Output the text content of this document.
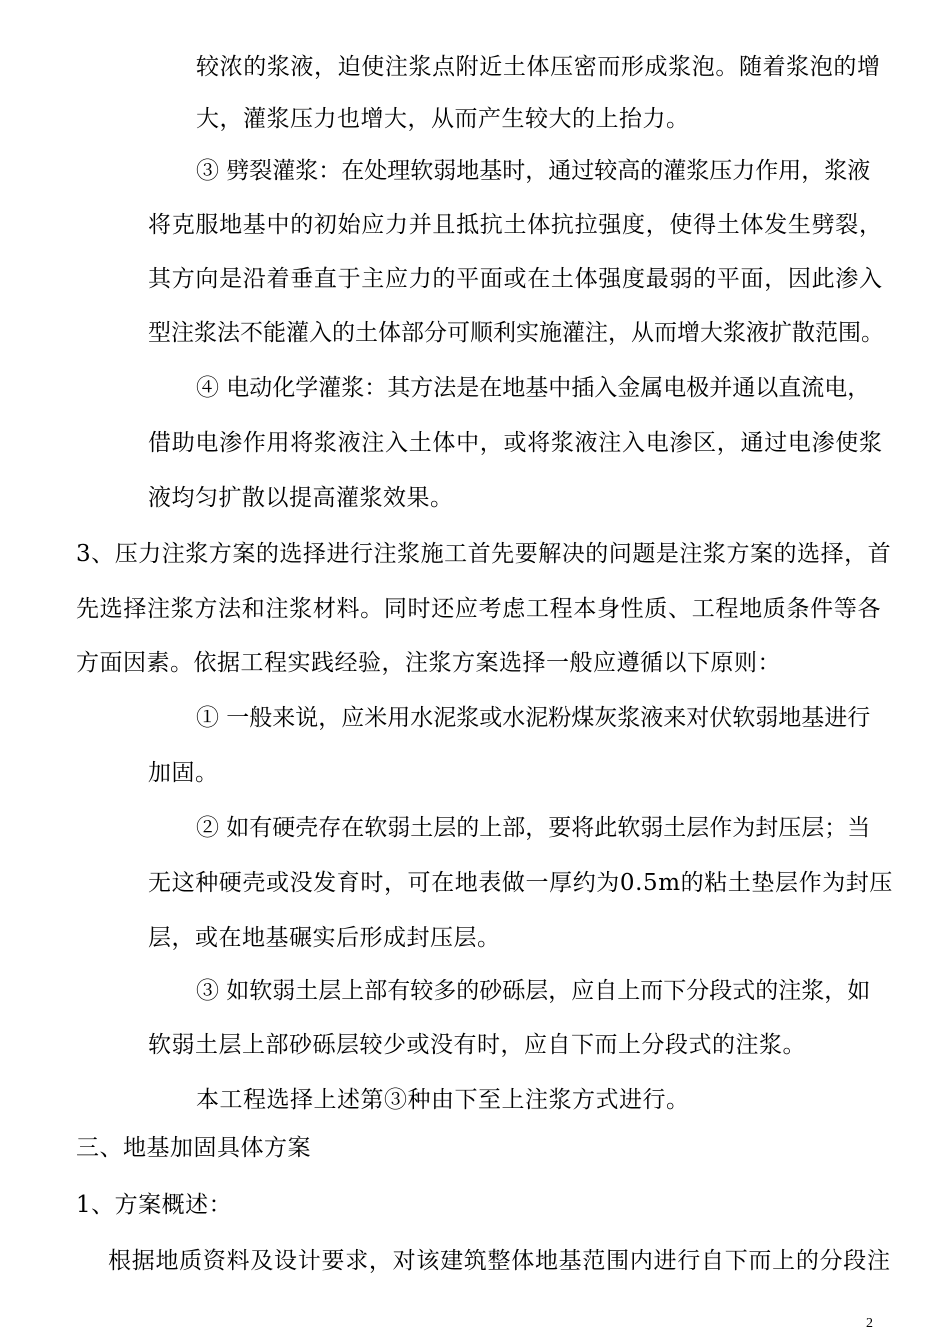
较浓的浆液，迫使注浆点附近土体压密而形成浆泡。随着浆泡的增
大，灌浆压力也增大，从而产生较大的上抬力。
③ 劈裂灌浆：在处理软弱地基时，通过较高的灌浆压力作用，浆液
将克服地基中的初始应力并且抵抗土体抗拉强度，使得土体发生劈裂，
其方向是沿着垂直于主应力的平面或在土体强度最弱的平面，因此渗入
型注浆法不能灌入的土体部分可顺利实施灌注，从而增大浆液扩散范围。
④ 电动化学灌浆：其方法是在地基中插入金属电极并通以直流电，
借助电渗作用将浆液注入土体中，或将浆液注入电渗区，通过电渗使浆
液均匀扩散以提高灌浆效果。
3、压力注浆方案的选择进行注浆施工首先要解决的问题是注浆方案的选择，首
先选择注浆方法和注浆材料。同时还应考虑工程本身性质、工程地质条件等各
方面因素。依据工程实践经验，注浆方案选择一般应遵循以下原则：
① 一般来说，应米用水泥浆或水泥粉煤灰浆液来对伏软弱地基进行
加固。
② 如有硬壳存在软弱土层的上部，要将此软弱土层作为封压层；当
无这种硬壳或没发育时，可在地表做一厚约为0.5m的粘土垫层作为封压
层，或在地基碾实后形成封压层。
③ 如软弱土层上部有较多的砂砾层，应自上而下分段式的注浆，如
软弱土层上部砂砾层较少或没有时，应自下而上分段式的注浆。
本工程选择上述第③种由下至上注浆方式进行。
三、地基加固具体方案
1、方案概述：
根据地质资料及设计要求，对该建筑整体地基范围内进行自下而上的分段注
2
